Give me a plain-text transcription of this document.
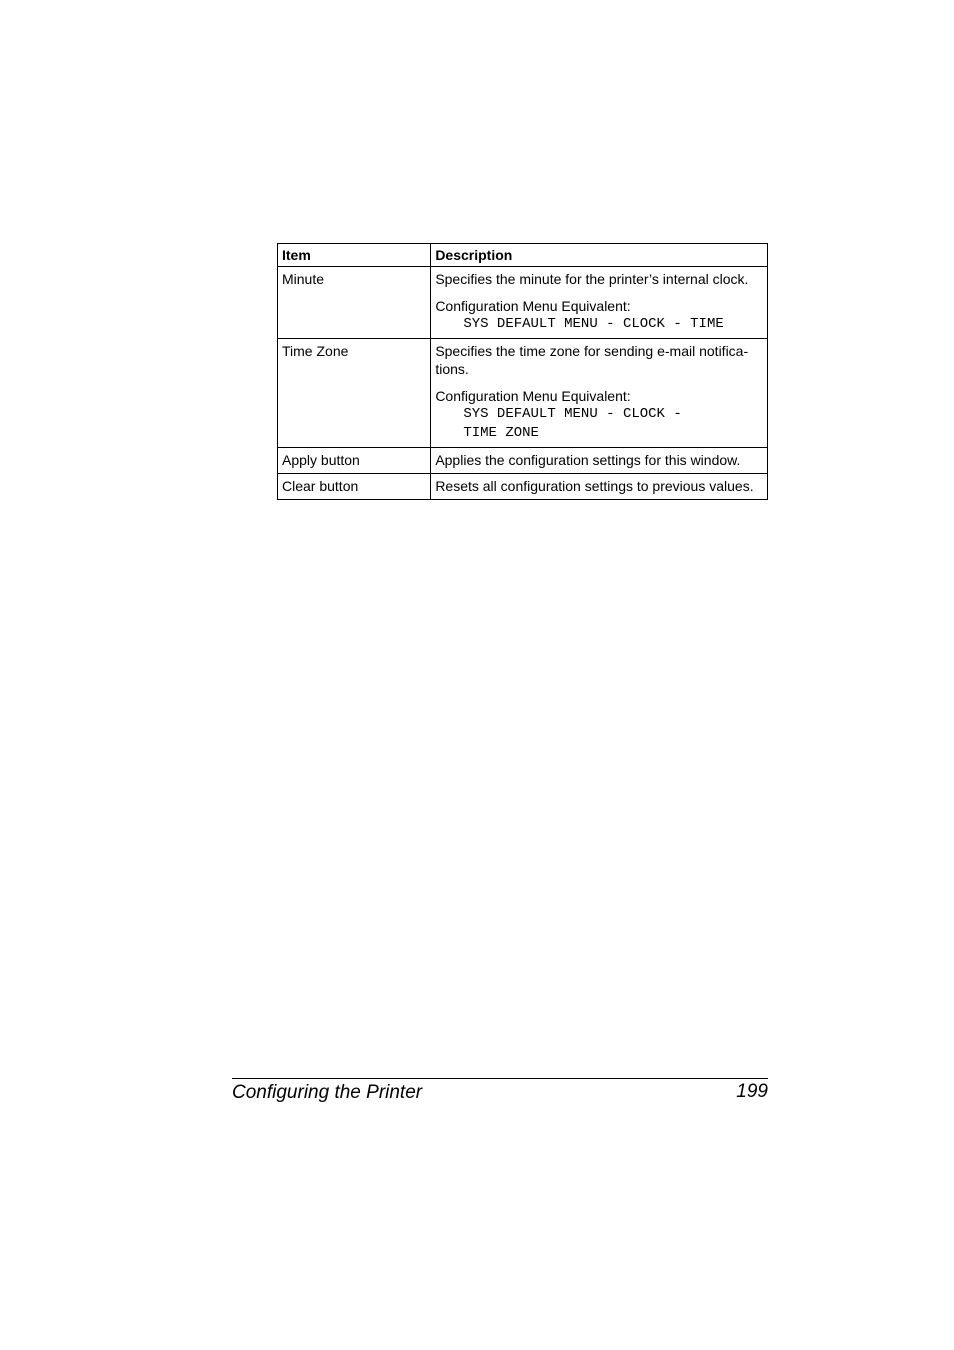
Item	Description
Minute	Specifies the minute for the printer’s internal clock.
Configuration Menu Equivalent:
SYS DEFAULT MENU - CLOCK - TIME

Time Zone	Specifies the time zone for sending e-mail notifica-
tions.
Configuration Menu Equivalent:
SYS DEFAULT MENU - CLOCK -
TIME ZONE

Apply button	Applies the configuration settings for this window.
Clear button	Resets all configuration settings to previous values.
Configuring the Printer	199
